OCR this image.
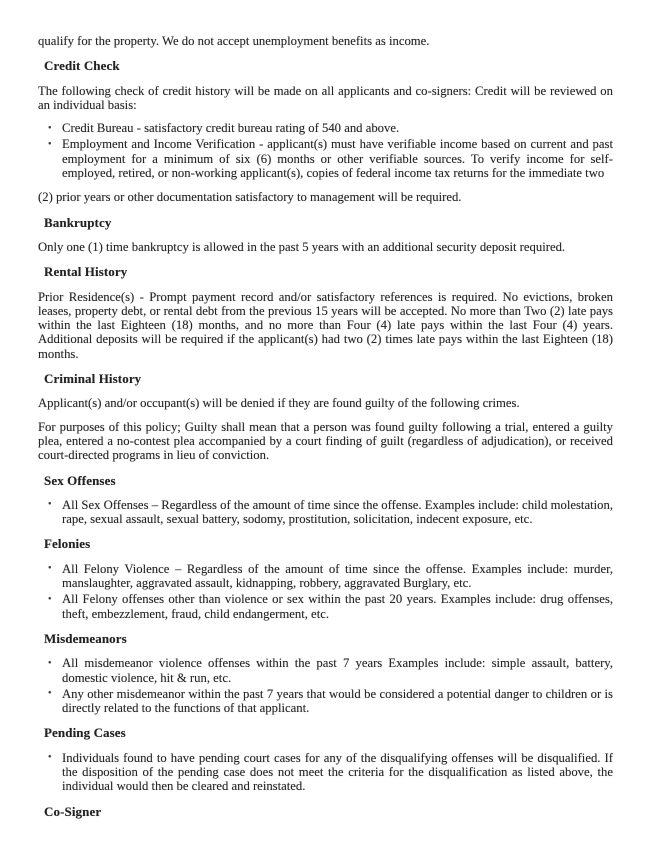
qualify for the property. We do not accept unemployment benefits as income.

Credit Check

The following check of credit history will be made on all applicants and co-signers: Credit will be reviewed on an individual basis:

• Credit Bureau - satisfactory credit bureau rating of 540 and above.
• Employment and Income Verification - applicant(s) must have verifiable income based on current and past employment for a minimum of six (6) months or other verifiable sources. To verify income for self-employed, retired, or non-working applicant(s), copies of federal income tax returns for the immediate two

(2) prior years or other documentation satisfactory to management will be required.

Bankruptcy

Only one (1) time bankruptcy is allowed in the past 5 years with an additional security deposit required.

Rental History

Prior Residence(s) - Prompt payment record and/or satisfactory references is required. No evictions, broken leases, property debt, or rental debt from the previous 15 years will be accepted. No more than Two (2) late pays within the last Eighteen (18) months, and no more than Four (4) late pays within the last Four (4) years. Additional deposits will be required if the applicant(s) had two (2) times late pays within the last Eighteen (18) months.

Criminal History

Applicant(s) and/or occupant(s) will be denied if they are found guilty of the following crimes.

For purposes of this policy; Guilty shall mean that a person was found guilty following a trial, entered a guilty plea, entered a no-contest plea accompanied by a court finding of guilt (regardless of adjudication), or received court-directed programs in lieu of conviction.

Sex Offenses
• All Sex Offenses – Regardless of the amount of time since the offense. Examples include: child molestation, rape, sexual assault, sexual battery, sodomy, prostitution, solicitation, indecent exposure, etc.
Felonies
• All Felony Violence – Regardless of the amount of time since the offense. Examples include: murder, manslaughter, aggravated assault, kidnapping, robbery, aggravated Burglary, etc.
• All Felony offenses other than violence or sex within the past 20 years. Examples include: drug offenses, theft, embezzlement, fraud, child endangerment, etc.
Misdemeanors
• All misdemeanor violence offenses within the past 7 years Examples include: simple assault, battery, domestic violence, hit & run, etc.
• Any other misdemeanor within the past 7 years that would be considered a potential danger to children or is directly related to the functions of that applicant.
Pending Cases
• Individuals found to have pending court cases for any of the disqualifying offenses will be disqualified. If the disposition of the pending case does not meet the criteria for the disqualification as listed above, the individual would then be cleared and reinstated.
Co-Signer
